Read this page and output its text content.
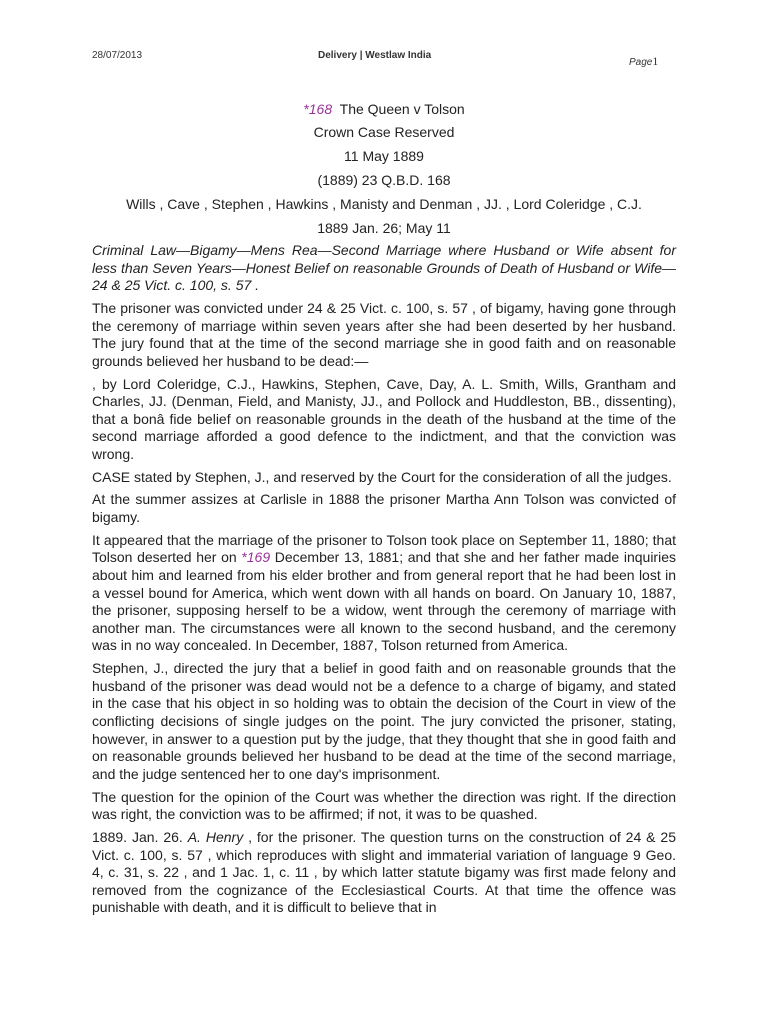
28/07/2013	Delivery | Westlaw India
Page1
*168 The Queen v Tolson
Crown Case Reserved
11 May 1889
(1889) 23 Q.B.D. 168
Wills , Cave , Stephen , Hawkins , Manisty and Denman , JJ. , Lord Coleridge , C.J.
1889 Jan. 26; May 11

Criminal Law—Bigamy—Mens Rea—Second Marriage where Husband or Wife absent for less than Seven Years—Honest Belief on reasonable Grounds of Death of Husband or Wife— 24 & 25 Vict. c. 100, s. 57 .

The prisoner was convicted under 24 & 25 Vict. c. 100, s. 57 , of bigamy, having gone through the ceremony of marriage within seven years after she had been deserted by her husband. The jury found that at the time of the second marriage she in good faith and on reasonable grounds believed her husband to be dead:—

, by Lord Coleridge, C.J., Hawkins, Stephen, Cave, Day, A. L. Smith, Wills, Grantham and Charles, JJ. (Denman, Field, and Manisty, JJ., and Pollock and Huddleston, BB., dissenting), that a bonâ fide belief on reasonable grounds in the death of the husband at the time of the second marriage afforded a good defence to the indictment, and that the conviction was wrong.

CASE stated by Stephen, J., and reserved by the Court for the consideration of all the judges.

At the summer assizes at Carlisle in 1888 the prisoner Martha Ann Tolson was convicted of bigamy.

It appeared that the marriage of the prisoner to Tolson took place on September 11, 1880; that Tolson deserted her on *169 December 13, 1881; and that she and her father made inquiries about him and learned from his elder brother and from general report that he had been lost in a vessel bound for America, which went down with all hands on board. On January 10, 1887, the prisoner, supposing herself to be a widow, went through the ceremony of marriage with another man. The circumstances were all known to the second husband, and the ceremony was in no way concealed. In December, 1887, Tolson returned from America.

Stephen, J., directed the jury that a belief in good faith and on reasonable grounds that the husband of the prisoner was dead would not be a defence to a charge of bigamy, and stated in the case that his object in so holding was to obtain the decision of the Court in view of the conflicting decisions of single judges on the point. The jury convicted the prisoner, stating, however, in answer to a question put by the judge, that they thought that she in good faith and on reasonable grounds believed her husband to be dead at the time of the second marriage, and the judge sentenced her to one day's imprisonment.

The question for the opinion of the Court was whether the direction was right. If the direction was right, the conviction was to be affirmed; if not, it was to be quashed.

1889. Jan. 26. A. Henry , for the prisoner. The question turns on the construction of 24 & 25 Vict. c. 100, s. 57 , which reproduces with slight and immaterial variation of language 9 Geo. 4, c. 31, s. 22 , and 1 Jac. 1, c. 11 , by which latter statute bigamy was first made felony and removed from the cognizance of the Ecclesiastical Courts. At that time the offence was punishable with death, and it is difficult to believe that in
